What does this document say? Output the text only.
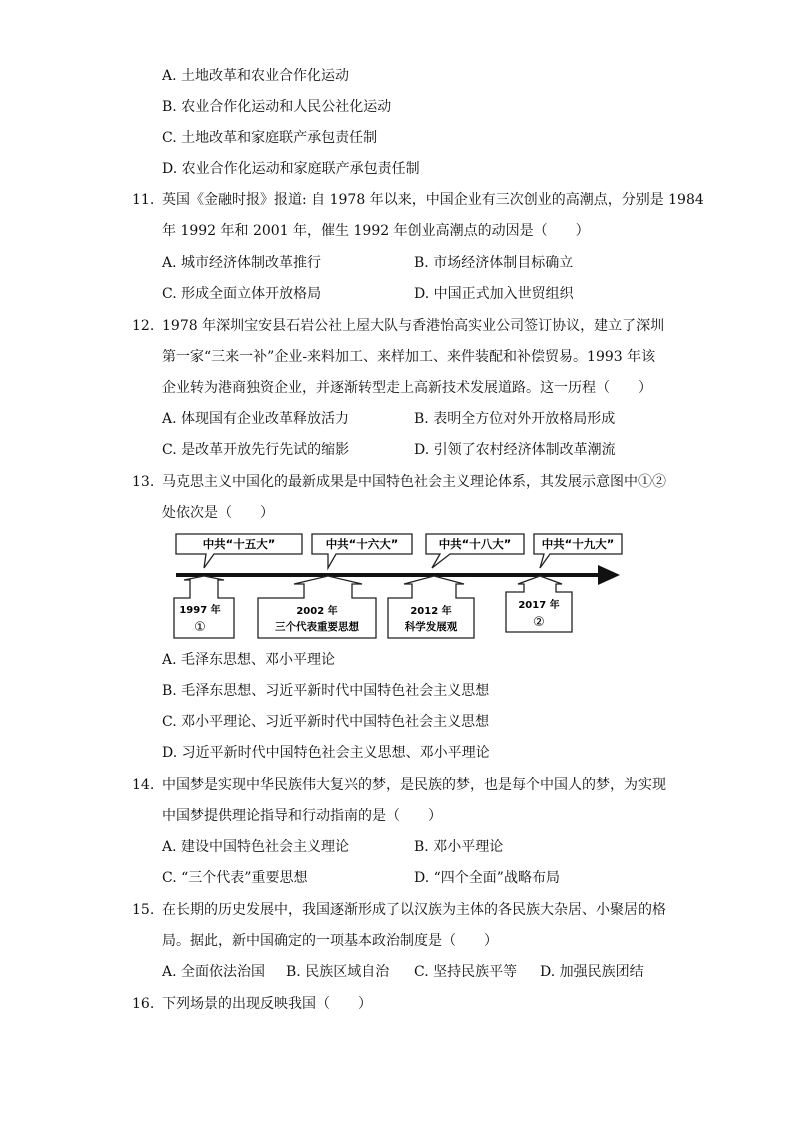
A. 土地改革和农业合作化运动
B. 农业合作化运动和人民公社化运动
C. 土地改革和家庭联产承包责任制
D. 农业合作化运动和家庭联产承包责任制
11. 英国《金融时报》报道: 自 1978 年以来，中国企业有三次创业的高潮点，分别是 1984
年 1992 年和 2001 年，催生 1992 年创业高潮点的动因是（　　）
A. 城市经济体制改革推行	B. 市场经济体制目标确立
C. 形成全面立体开放格局	D. 中国正式加入世贸组织
12. 1978 年深圳宝安县石岩公社上屋大队与香港怡高实业公司签订协议，建立了深圳
第一家“三来一补”企业-来料加工、来样加工、来件装配和补偿贸易。1993 年该
企业转为港商独资企业，并逐渐转型走上高新技术发展道路。这一历程（　　）
A. 体现国有企业改革释放活力	B. 表明全方位对外开放格局形成
C. 是改革开放先行先试的缩影	D. 引领了农村经济体制改革潮流
13. 马克思主义中国化的最新成果是中国特色社会主义理论体系，其发展示意图中①②
处依次是（　　）
中共“十五大”	中共“十六大”	中共“十八大”	中共“十九大”
1997 年
①
2002 年
三个代表重要思想
2012 年
科学发展观
2017 年
②
A. 毛泽东思想、邓小平理论
B. 毛泽东思想、习近平新时代中国特色社会主义思想
C. 邓小平理论、习近平新时代中国特色社会主义思想
D. 习近平新时代中国特色社会主义思想、邓小平理论
14. 中国梦是实现中华民族伟大复兴的梦，是民族的梦，也是每个中国人的梦，为实现
中国梦提供理论指导和行动指南的是（　　）
A. 建设中国特色社会主义理论	B. 邓小平理论
C. “三个代表”重要思想	D. “四个全面”战略布局
15. 在长期的历史发展中，我国逐渐形成了以汉族为主体的各民族大杂居、小聚居的格
局。据此，新中国确定的一项基本政治制度是（　　）
A. 全面依法治国 B. 民族区域自治 C. 坚持民族平等 D. 加强民族团结
16. 下列场景的出现反映我国（　　）
